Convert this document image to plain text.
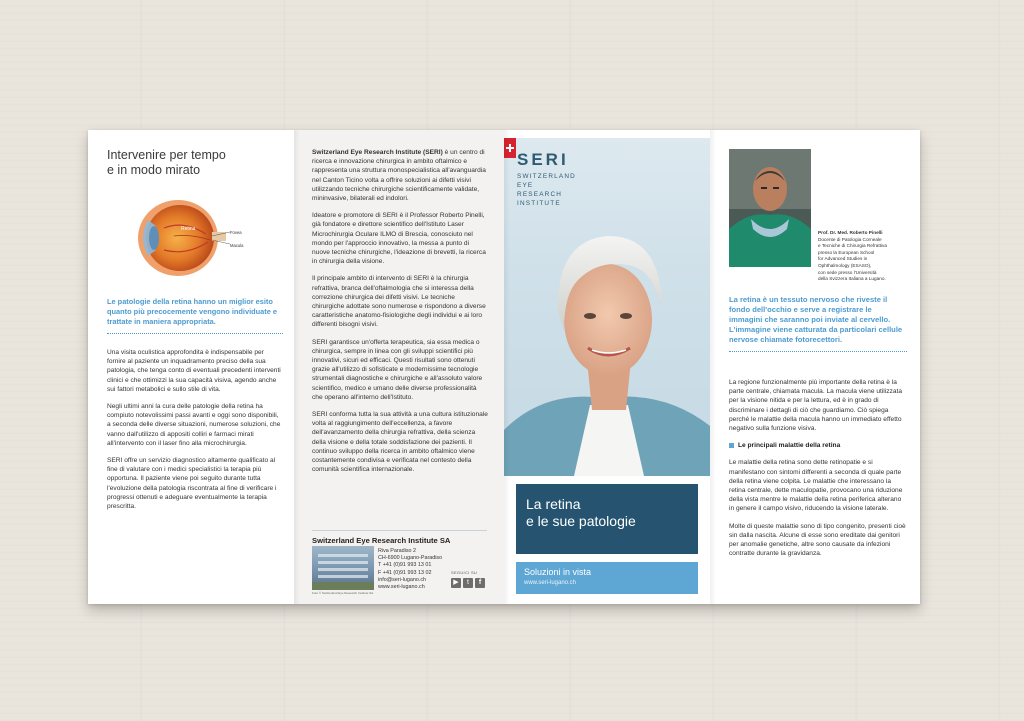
Intervenire per tempo
e in modo mirato
Retina
Fovea
Macula
Le patologie della retina hanno un miglior esito quanto più precocemente vengono individuate e trattate in maniera appropriata.

Una visita oculistica approfondita è indispensabile per fornire al paziente un inquadramento preciso della sua patologia, che tenga conto di eventuali precedenti interventi clinici e che ottimizzi la sua capacità visiva, agendo anche sui fattori metabolici e sullo stile di vita.

Negli ultimi anni la cura delle patologie della retina ha compiuto notevolissimi passi avanti e oggi sono disponibili, a seconda delle diverse situazioni, numerose soluzioni, che vanno dall'utilizzo di appositi colliri e farmaci mirati all'intervento con il laser fino alla microchirurgia.

SERI offre un servizio diagnostico altamente qualificato al fine di valutare con i medici specialistici la terapia più opportuna. Il paziente viene poi seguito durante tutta l'evoluzione della patologia riscontrata al fine di verificare i progressi ottenuti e adeguare eventualmente la terapia prescritta.

Switzerland Eye Research Institute (SERI) è un centro di ricerca e innovazione chirurgica in ambito oftalmico e rappresenta una struttura monospecialistica all'avanguardia nel Canton Ticino volta a offrire soluzioni ai difetti visivi utilizzando tecniche chirurgiche scientificamente validate, mininvasive, bilaterali ed indolori.

Ideatore e promotore di SERI è il Professor Roberto Pinelli, già fondatore e direttore scientifico dell'Istituto Laser Microchirurgia Oculare ILMO di Brescia, conosciuto nel mondo per l'approccio innovativo, la messa a punto di nuove tecniche chirurgiche, l'ideazione di brevetti, la ricerca in chirurgia della visione.

Il principale ambito di intervento di SERI è la chirurgia refrattiva, branca dell'oftalmologia che si interessa della correzione chirurgica dei difetti visivi. Le tecniche chirurgiche adottate sono numerose e rispondono a diverse caratteristiche anatomo-fisiologiche degli individui e ai loro differenti bisogni visivi.

SERI garantisce un'offerta terapeutica, sia essa medica o chirurgica, sempre in linea con gli sviluppi scientifici più innovativi, sicuri ed efficaci. Questi risultati sono ottenuti grazie all'utilizzo di sofisticate e modernissime tecnologie strumentali diagnostiche e chirurgiche e all'assoluto valore scientifico, medico e umano delle diverse professionalità che operano all'interno dell'Istituto.

SERI conforma tutta la sua attività a una cultura istituzionale volta al raggiungimento dell'eccellenza, a favore dell'avanzamento della chirurgia refrattiva, della scienza della visione e della totale soddisfazione dei pazienti. Il continuo sviluppo della ricerca in ambito oftalmico viene costantemente condivisa e verificata nel contesto della comunità scientifica internazionale.

Switzerland Eye Research Institute SA
Foto © Switzerland Eye Research Institute SA
Riva Paradiso 2
CH-6900 Lugano-Paradiso
T +41 (0)91 993 13 01
F +41 (0)91 993 13 02
info@seri-lugano.ch
www.seri-lugano.ch
SEGUICI SU
▶	t	f
SERI
SWITZERLAND
EYE
RESEARCH
INSTITUTE
La retina
e le sue patologie
Soluzioni in vista
www.seri-lugano.ch
Prof. Dr. Med. Roberto Pinelli
Docente di Patologia Corneale
e Tecniche di Chirurgia Refrattiva
presso la European School
for Advanced Studies in
Ophthalmology (ESASO),
con sede presso l'Università
della Svizzera Italiana a Lugano.
La retina è un tessuto nervoso che riveste il fondo dell'occhio e serve a registrare le immagini che saranno poi inviate al cervello. L'immagine viene catturata da particolari cellule nervose chiamate fotorecettori.

La regione funzionalmente più importante della retina è la parte centrale, chiamata macula. La macula viene utilizzata per la visione nitida e per la lettura, ed è in grado di discriminare i dettagli di ciò che guardiamo. Ciò spiega perché le malattie della macula hanno un immediato effetto negativo sulla funzione visiva.

Le principali malattie della retina

Le malattie della retina sono dette retinopatie e si manifestano con sintomi differenti a seconda di quale parte della retina viene colpita. Le malattie che interessano la retina centrale, dette maculopatie, provocano una riduzione della vista mentre le malattie della retina periferica alterano in genere il campo visivo, riducendo la visione laterale.

Molte di queste malattie sono di tipo congenito, presenti cioè sin dalla nascita. Alcune di esse sono ereditate dai genitori per anomalie genetiche, altre sono causate da infezioni contratte durante la gravidanza.
